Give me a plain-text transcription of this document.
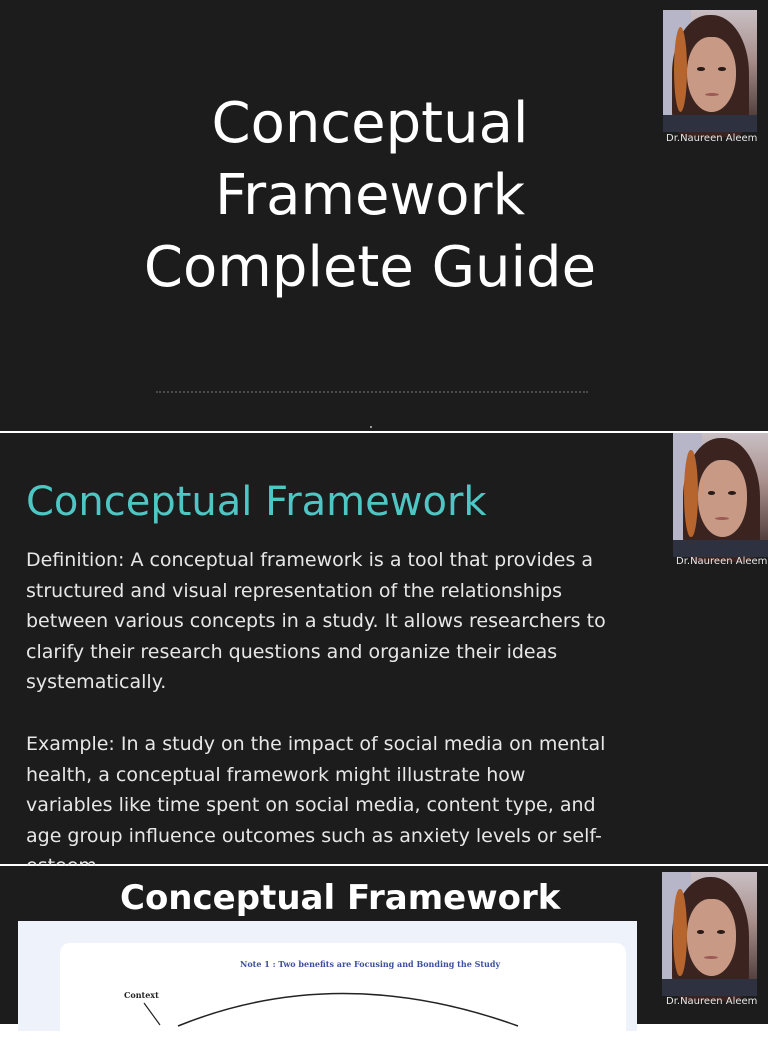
Conceptual Framework Complete Guide
Dr.Naureen Aleem
Conceptual Framework

Definition: A conceptual framework is a tool that provides a structured and visual representation of the relationships between various concepts in a study. It allows researchers to clarify their research questions and organize their ideas systematically.

Example: In a study on the impact of social media on mental health, a conceptual framework might illustrate how variables like time spent on social media, content type, and age group influence outcomes such as anxiety levels or self-

Dr.Naureen Aleem
Conceptual Framework
Note 1 : Two benefits are Focusing and Bonding the Study
Context
Dr.Naureen Aleem
